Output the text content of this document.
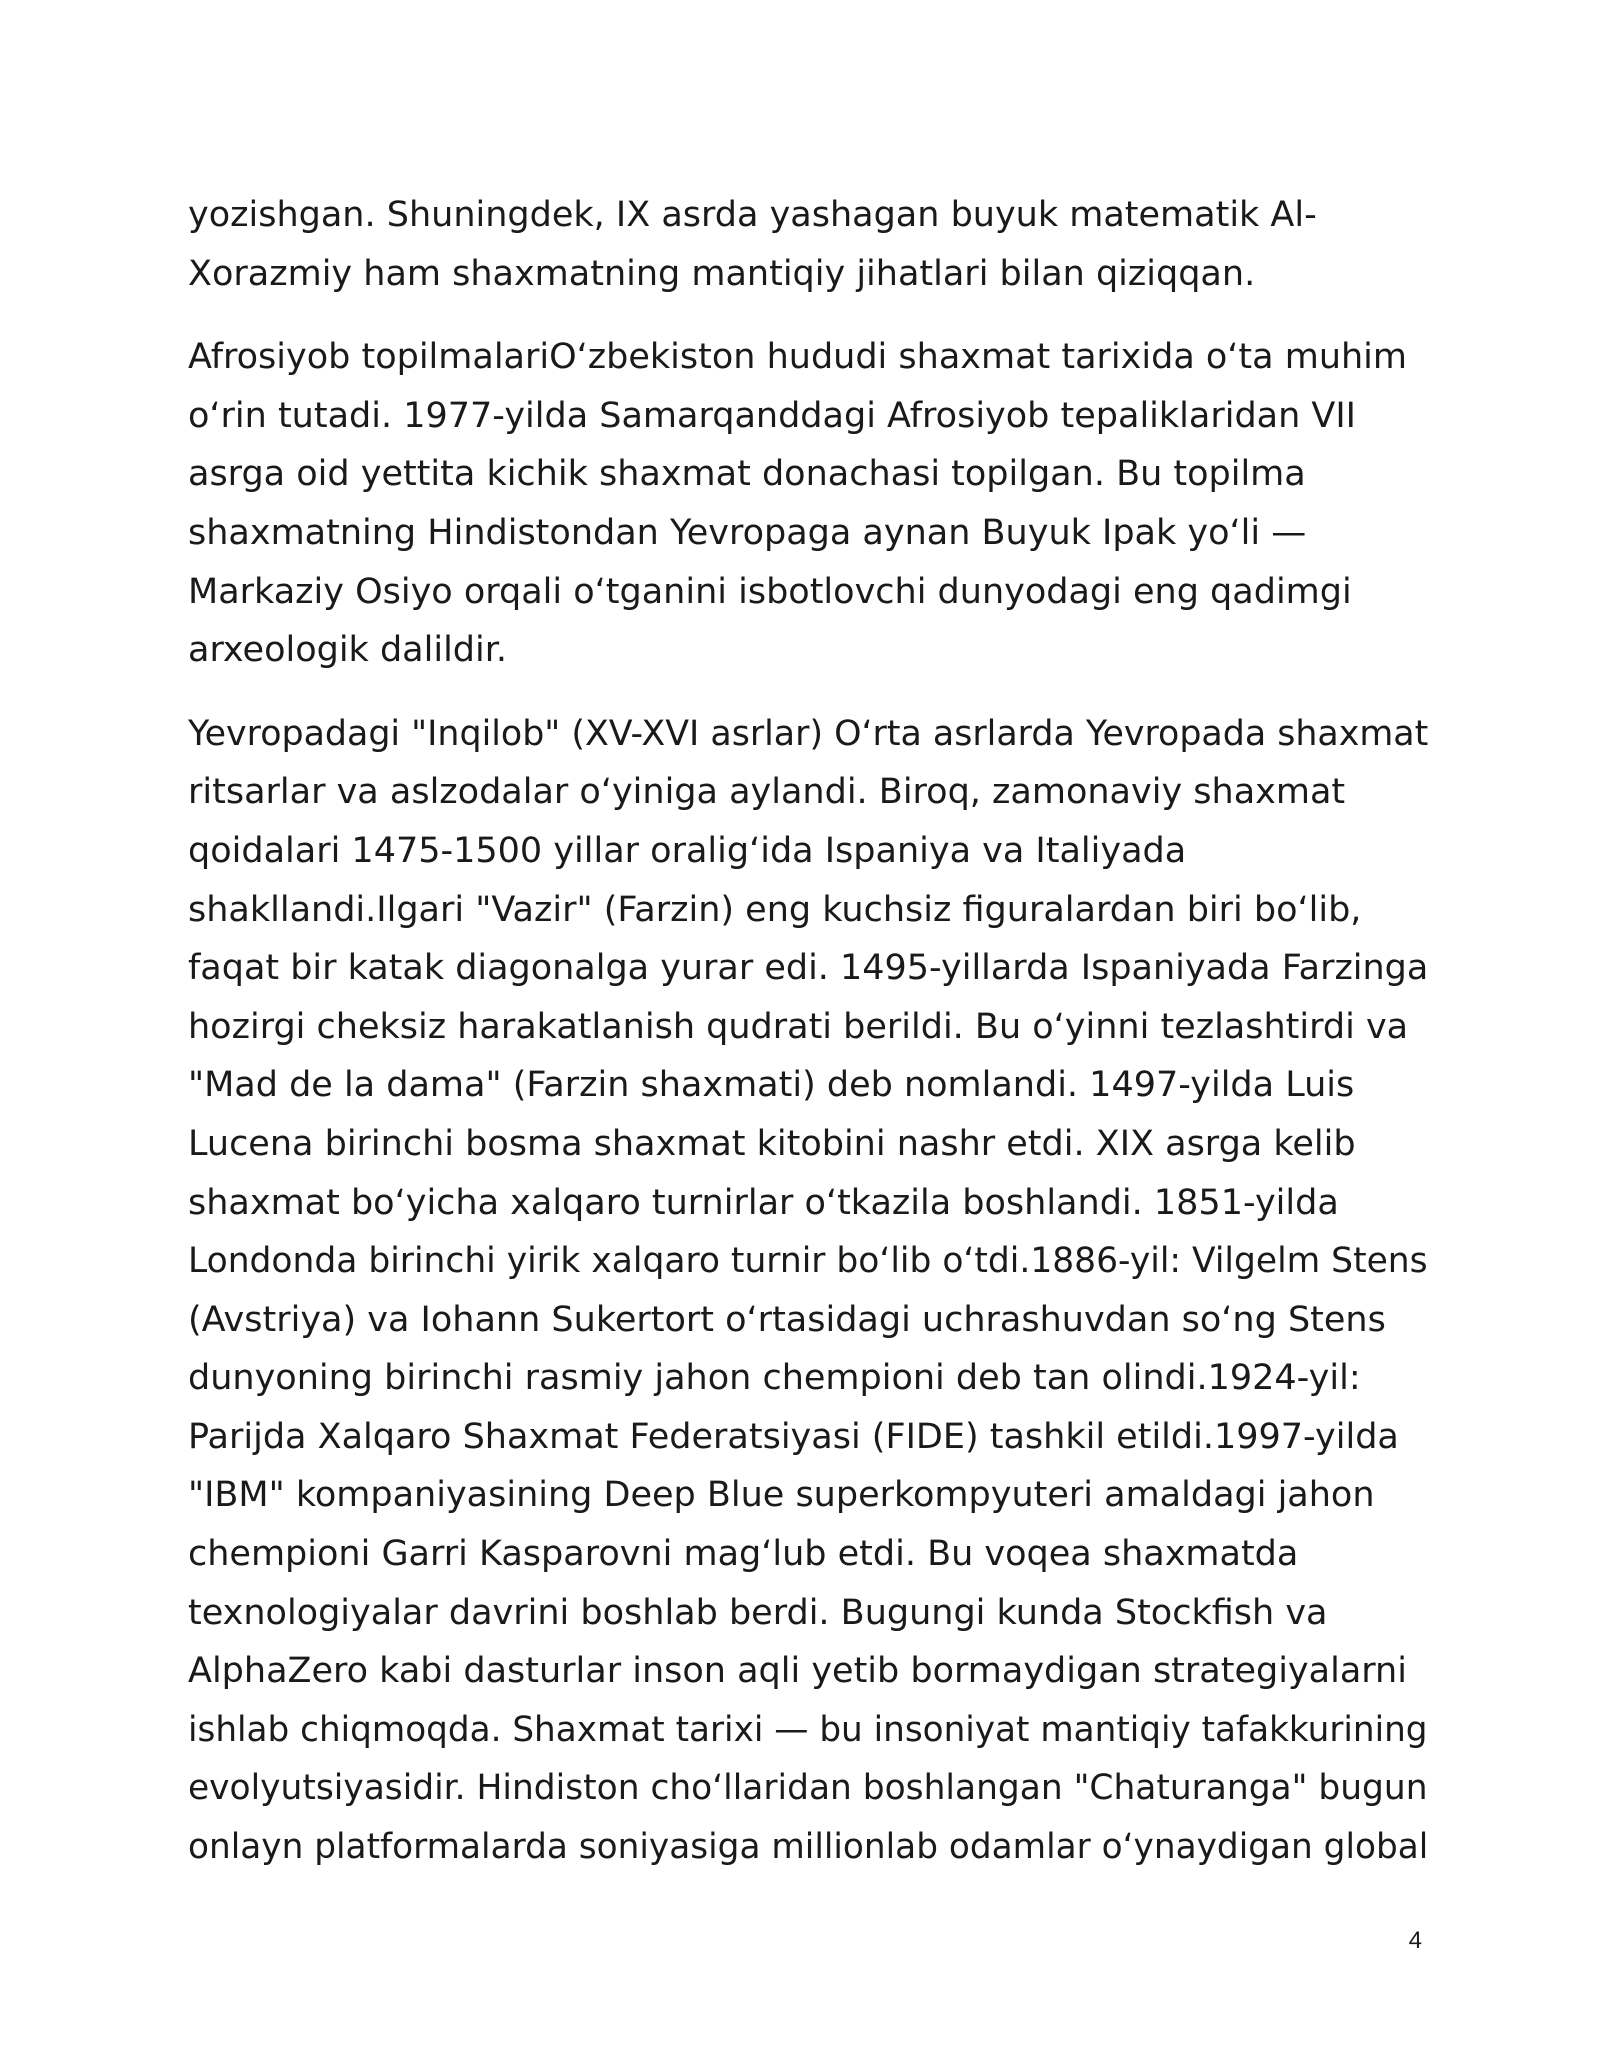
yozishgan. Shuningdek, IX asrda yashagan buyuk matematik Al-
Xorazmiy ham shaxmatning mantiqiy jihatlari bilan qiziqqan.

Afrosiyob topilmalariOʻzbekiston hududi shaxmat tarixida oʻta muhim
oʻrin tutadi. 1977-yilda Samarqanddagi Afrosiyob tepaliklaridan VII
asrga oid yettita kichik shaxmat donachasi topilgan. Bu topilma
shaxmatning Hindistondan Yevropaga aynan Buyuk Ipak yoʻli —
Markaziy Osiyo orqali oʻtganini isbotlovchi dunyodagi eng qadimgi
arxeologik dalildir.

Yevropadagi "Inqilob" (XV-XVI asrlar) Oʻrta asrlarda Yevropada shaxmat
ritsarlar va aslzodalar oʻyiniga aylandi. Biroq, zamonaviy shaxmat
qoidalari 1475-1500 yillar oraligʻida Ispaniya va Italiyada
shakllandi.Ilgari "Vazir" (Farzin) eng kuchsiz figuralardan biri boʻlib,
faqat bir katak diagonalga yurar edi. 1495-yillarda Ispaniyada Farzinga
hozirgi cheksiz harakatlanish qudrati berildi. Bu oʻyinni tezlashtirdi va
"Mad de la dama" (Farzin shaxmati) deb nomlandi. 1497-yilda Luis
Lucena birinchi bosma shaxmat kitobini nashr etdi. XIX asrga kelib
shaxmat boʻyicha xalqaro turnirlar oʻtkazila boshlandi. 1851-yilda
Londonda birinchi yirik xalqaro turnir boʻlib oʻtdi.1886-yil: Vilgelm Stens
(Avstriya) va Iohann Sukertort oʻrtasidagi uchrashuvdan soʻng Stens
dunyoning birinchi rasmiy jahon chempioni deb tan olindi.1924-yil:
Parijda Xalqaro Shaxmat Federatsiyasi (FIDE) tashkil etildi.1997-yilda
"IBM" kompaniyasining Deep Blue superkompyuteri amaldagi jahon
chempioni Garri Kasparovni magʻlub etdi. Bu voqea shaxmatda
texnologiyalar davrini boshlab berdi. Bugungi kunda Stockfish va
AlphaZero kabi dasturlar inson aqli yetib bormaydigan strategiyalarni
ishlab chiqmoqda. Shaxmat tarixi — bu insoniyat mantiqiy tafakkurining
evolyutsiyasidir. Hindiston choʻllaridan boshlangan "Chaturanga" bugun
onlayn platformalarda soniyasiga millionlab odamlar oʻynaydigan global

4
